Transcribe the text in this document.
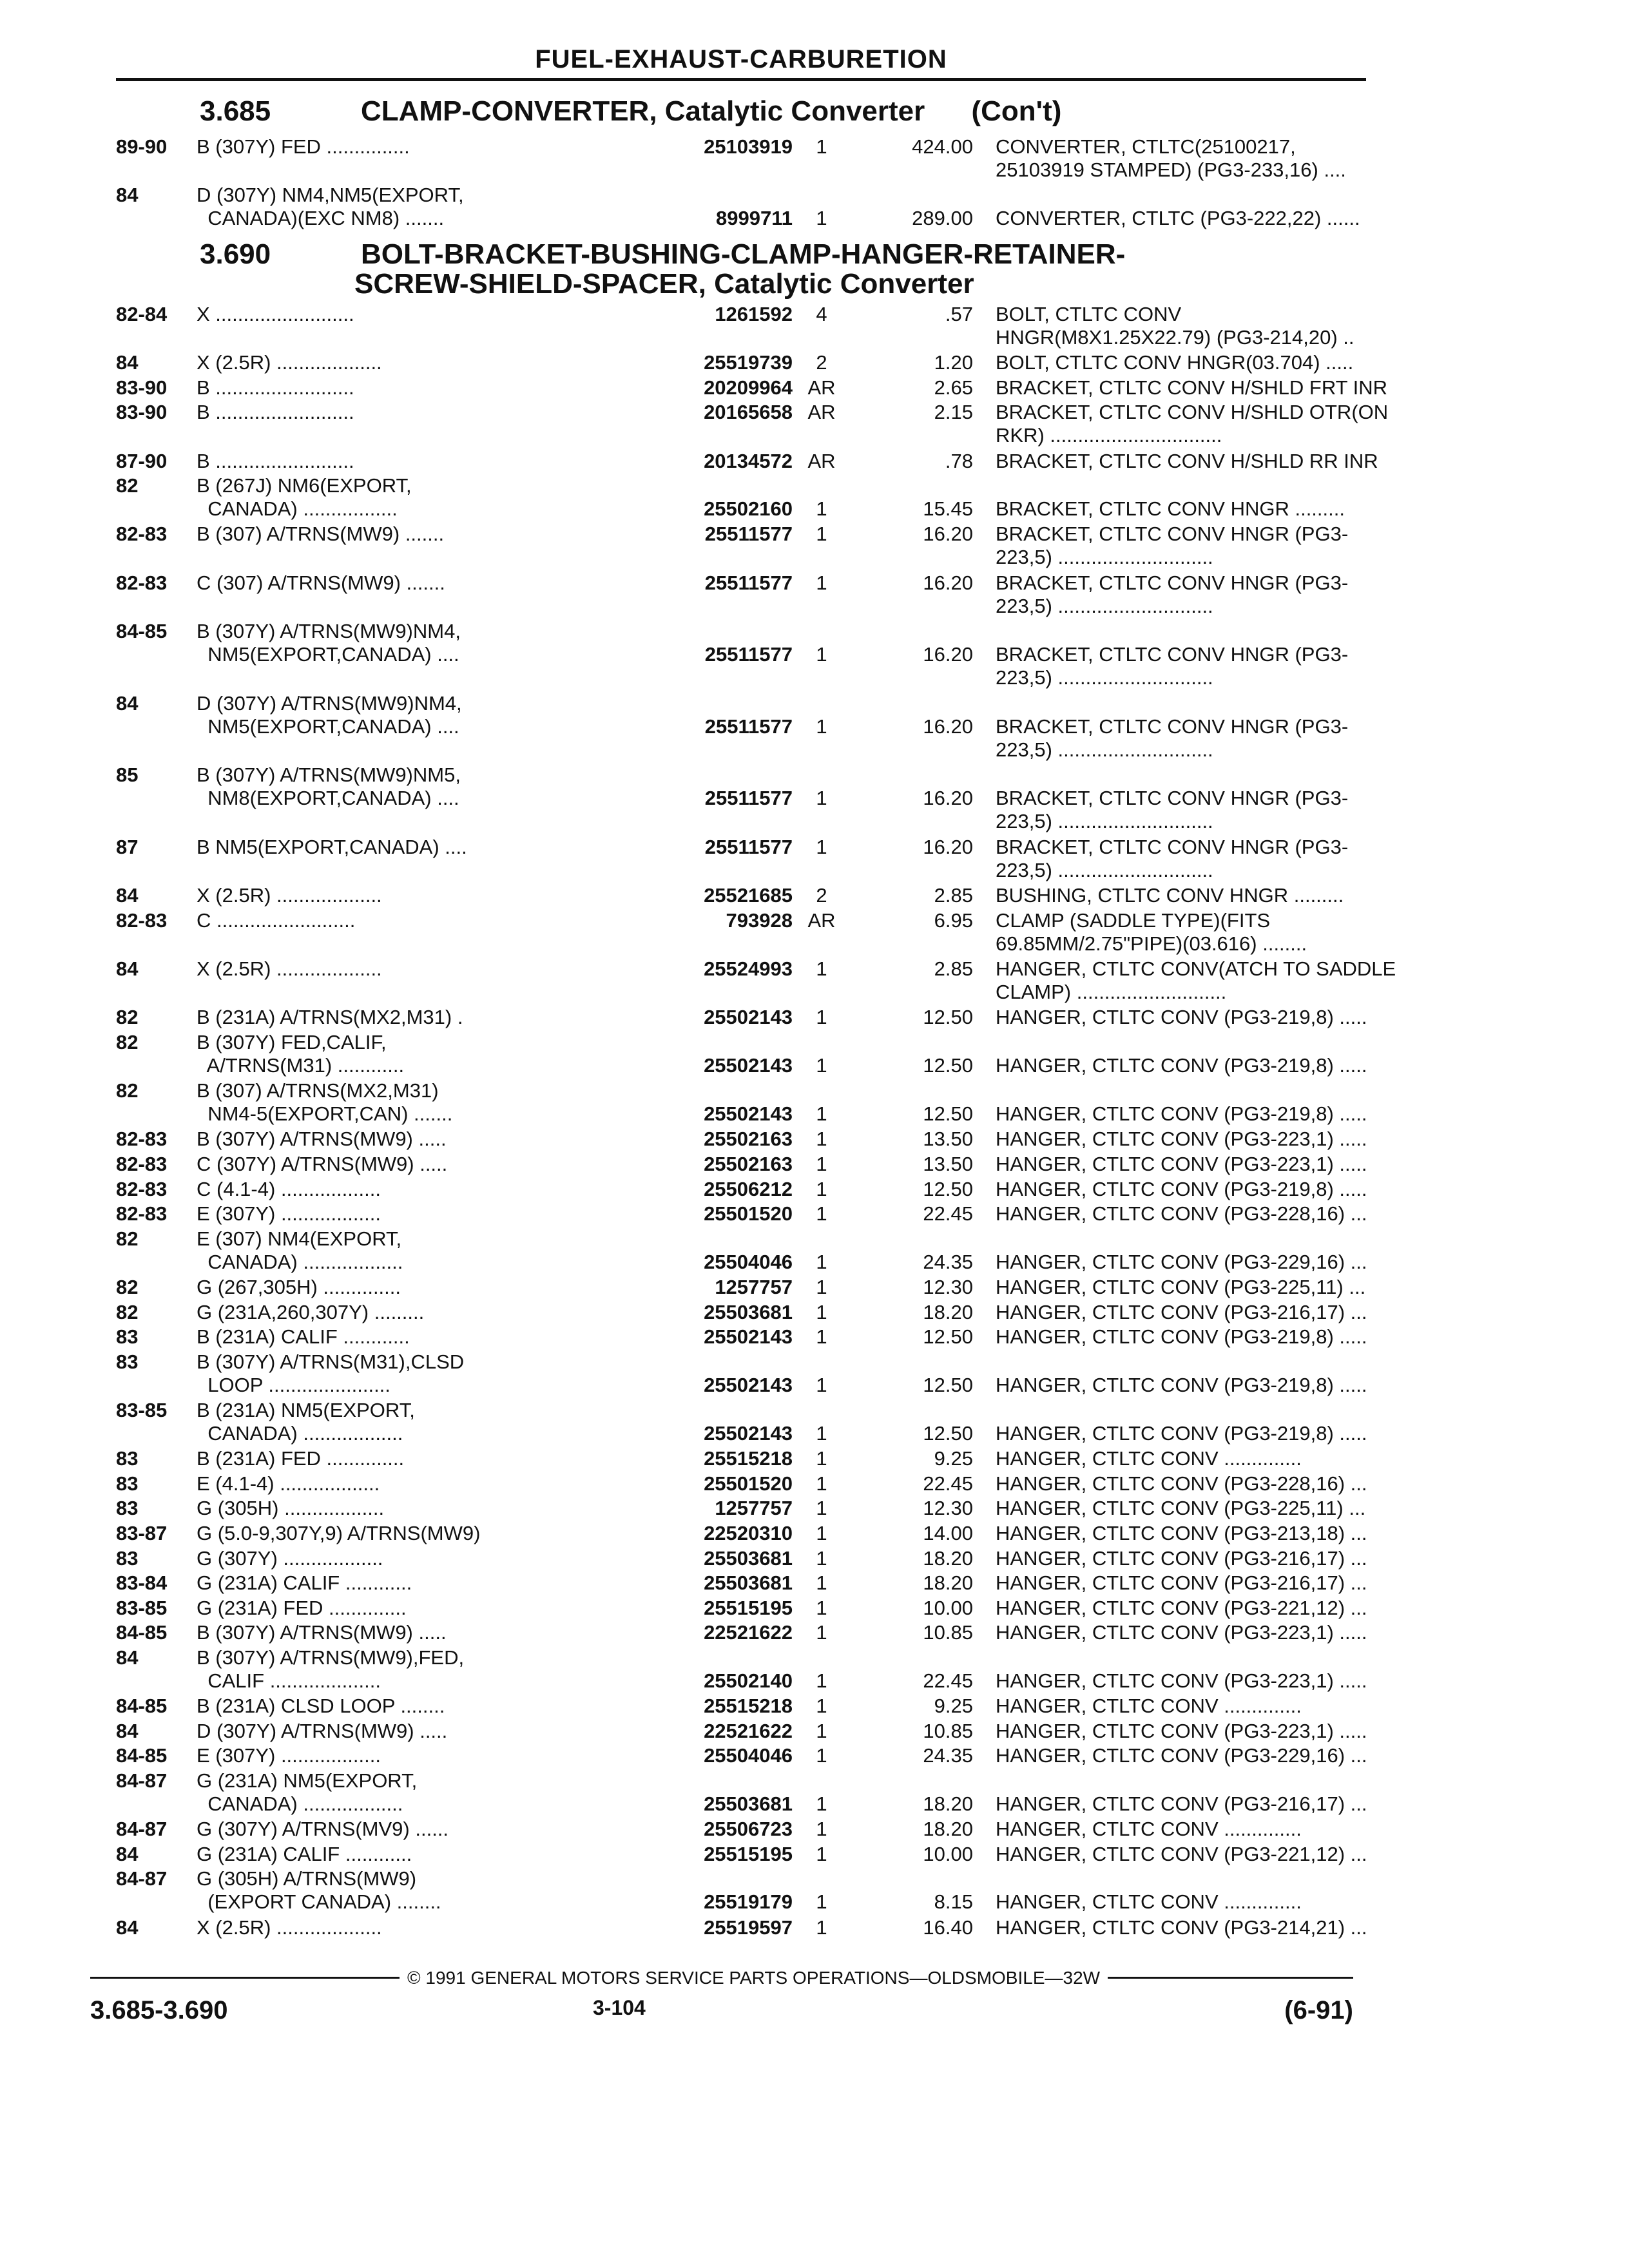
FUEL-EXHAUST-CARBURETION
3.685	CLAMP-CONVERTER, Catalytic Converter (Con't)
3.690	BOLT-BRACKET-BUSHING-CLAMP-HANGER-RETAINER-
SCREW-SHIELD-SPACER, Catalytic Converter
89-90 B (307Y) FED ...............	25103919	1	424.00 CONVERTER, CTLTC(25100217,
25103919 STAMPED) (PG3-233,16) ....
84	D (307Y) NM4,NM5(EXPORT,
CANADA)(EXC NM8) .......	8999711	1	289.00 CONVERTER, CTLTC (PG3-222,22) ......
82-84 X .........................	1261592	4	.57 BOLT, CTLTC CONV
HNGR(M8X1.25X22.79) (PG3-214,20) ..
84	X (2.5R) ...................	25519739	2	1.20 BOLT, CTLTC CONV HNGR(03.704) .....
83-90 B .........................	20209964 AR	2.65 BRACKET, CTLTC CONV H/SHLD FRT INR
83-90 B .........................	20165658 AR	2.15 BRACKET, CTLTC CONV H/SHLD OTR(ON
RKR) ...............................
87-90 B .........................	20134572 AR	.78 BRACKET, CTLTC CONV H/SHLD RR INR
82	B (267J) NM6(EXPORT,
CANADA) .................	25502160	1	15.45 BRACKET, CTLTC CONV HNGR .........
82-83 B (307) A/TRNS(MW9) .......	25511577	1	16.20 BRACKET, CTLTC CONV HNGR (PG3-
223,5) ............................
82-83 C (307) A/TRNS(MW9) .......	25511577	1	16.20 BRACKET, CTLTC CONV HNGR (PG3-
223,5) ............................
84-85 B (307Y) A/TRNS(MW9)NM4,
NM5(EXPORT,CANADA) ....	25511577	1	16.20 BRACKET, CTLTC CONV HNGR (PG3-
223,5) ............................
84	D (307Y) A/TRNS(MW9)NM4,
NM5(EXPORT,CANADA) ....	25511577	1	16.20 BRACKET, CTLTC CONV HNGR (PG3-
223,5) ............................
85	B (307Y) A/TRNS(MW9)NM5,
NM8(EXPORT,CANADA) ....	25511577	1	16.20 BRACKET, CTLTC CONV HNGR (PG3-
223,5) ............................
87	B NM5(EXPORT,CANADA) ....	25511577	1	16.20 BRACKET, CTLTC CONV HNGR (PG3-
223,5) ............................
84	X (2.5R) ...................	25521685	2	2.85 BUSHING, CTLTC CONV HNGR .........
82-83 C .........................	793928 AR	6.95 CLAMP (SADDLE TYPE)(FITS
69.85MM/2.75"PIPE)(03.616) ........
84	X (2.5R) ...................	25524993	1	2.85 HANGER, CTLTC CONV(ATCH TO SADDLE
CLAMP) ...........................
82	B (231A) A/TRNS(MX2,M31) .	25502143	1	12.50 HANGER, CTLTC CONV (PG3-219,8) .....
82	B (307Y) FED,CALIF,
A/TRNS(M31) ............	25502143	1	12.50 HANGER, CTLTC CONV (PG3-219,8) .....
82	B (307) A/TRNS(MX2,M31)
NM4-5(EXPORT,CAN) .......	25502143	1	12.50 HANGER, CTLTC CONV (PG3-219,8) .....
82-83 B (307Y) A/TRNS(MW9) .....	25502163	1	13.50 HANGER, CTLTC CONV (PG3-223,1) .....
82-83 C (307Y) A/TRNS(MW9) .....	25502163	1	13.50 HANGER, CTLTC CONV (PG3-223,1) .....
82-83 C (4.1-4) ..................	25506212	1	12.50 HANGER, CTLTC CONV (PG3-219,8) .....
82-83 E (307Y) ..................	25501520	1	22.45 HANGER, CTLTC CONV (PG3-228,16) ...
82	E (307) NM4(EXPORT,
CANADA) ..................	25504046	1	24.35 HANGER, CTLTC CONV (PG3-229,16) ...
82	G (267,305H) ..............	1257757	1	12.30 HANGER, CTLTC CONV (PG3-225,11) ...
82	G (231A,260,307Y) .........	25503681	1	18.20 HANGER, CTLTC CONV (PG3-216,17) ...
83	B (231A) CALIF ............	25502143	1	12.50 HANGER, CTLTC CONV (PG3-219,8) .....
83	B (307Y) A/TRNS(M31),CLSD
LOOP ......................	25502143	1	12.50 HANGER, CTLTC CONV (PG3-219,8) .....
83-85 B (231A) NM5(EXPORT,
CANADA) ..................	25502143	1	12.50 HANGER, CTLTC CONV (PG3-219,8) .....
83	B (231A) FED ..............	25515218	1	9.25 HANGER, CTLTC CONV ..............
83	E (4.1-4) ..................	25501520	1	22.45 HANGER, CTLTC CONV (PG3-228,16) ...
83	G (305H) ..................	1257757	1	12.30 HANGER, CTLTC CONV (PG3-225,11) ...
83-87 G (5.0-9,307Y,9) A/TRNS(MW9)	22520310	1	14.00 HANGER, CTLTC CONV (PG3-213,18) ...
83	G (307Y) ..................	25503681	1	18.20 HANGER, CTLTC CONV (PG3-216,17) ...
83-84 G (231A) CALIF ............	25503681	1	18.20 HANGER, CTLTC CONV (PG3-216,17) ...
83-85 G (231A) FED ..............	25515195	1	10.00 HANGER, CTLTC CONV (PG3-221,12) ...
84-85 B (307Y) A/TRNS(MW9) .....	22521622	1	10.85 HANGER, CTLTC CONV (PG3-223,1) .....
84	B (307Y) A/TRNS(MW9),FED,
CALIF ....................	25502140	1	22.45 HANGER, CTLTC CONV (PG3-223,1) .....
84-85 B (231A) CLSD LOOP ........	25515218	1	9.25 HANGER, CTLTC CONV ..............
84	D (307Y) A/TRNS(MW9) .....	22521622	1	10.85 HANGER, CTLTC CONV (PG3-223,1) .....
84-85 E (307Y) ..................	25504046	1	24.35 HANGER, CTLTC CONV (PG3-229,16) ...
84-87 G (231A) NM5(EXPORT,
CANADA) ..................	25503681	1	18.20 HANGER, CTLTC CONV (PG3-216,17) ...
84-87 G (307Y) A/TRNS(MV9) ......	25506723	1	18.20 HANGER, CTLTC CONV ..............
84	G (231A) CALIF ............	25515195	1	10.00 HANGER, CTLTC CONV (PG3-221,12) ...
84-87 G (305H) A/TRNS(MW9)
(EXPORT CANADA) ........	25519179	1	8.15 HANGER, CTLTC CONV ..............
84	X (2.5R) ...................	25519597	1	16.40 HANGER, CTLTC CONV (PG3-214,21) ...
© 1991 GENERAL MOTORS SERVICE PARTS OPERATIONS—OLDSMOBILE—32W
3.685-3.690	3-104	(6-91)
